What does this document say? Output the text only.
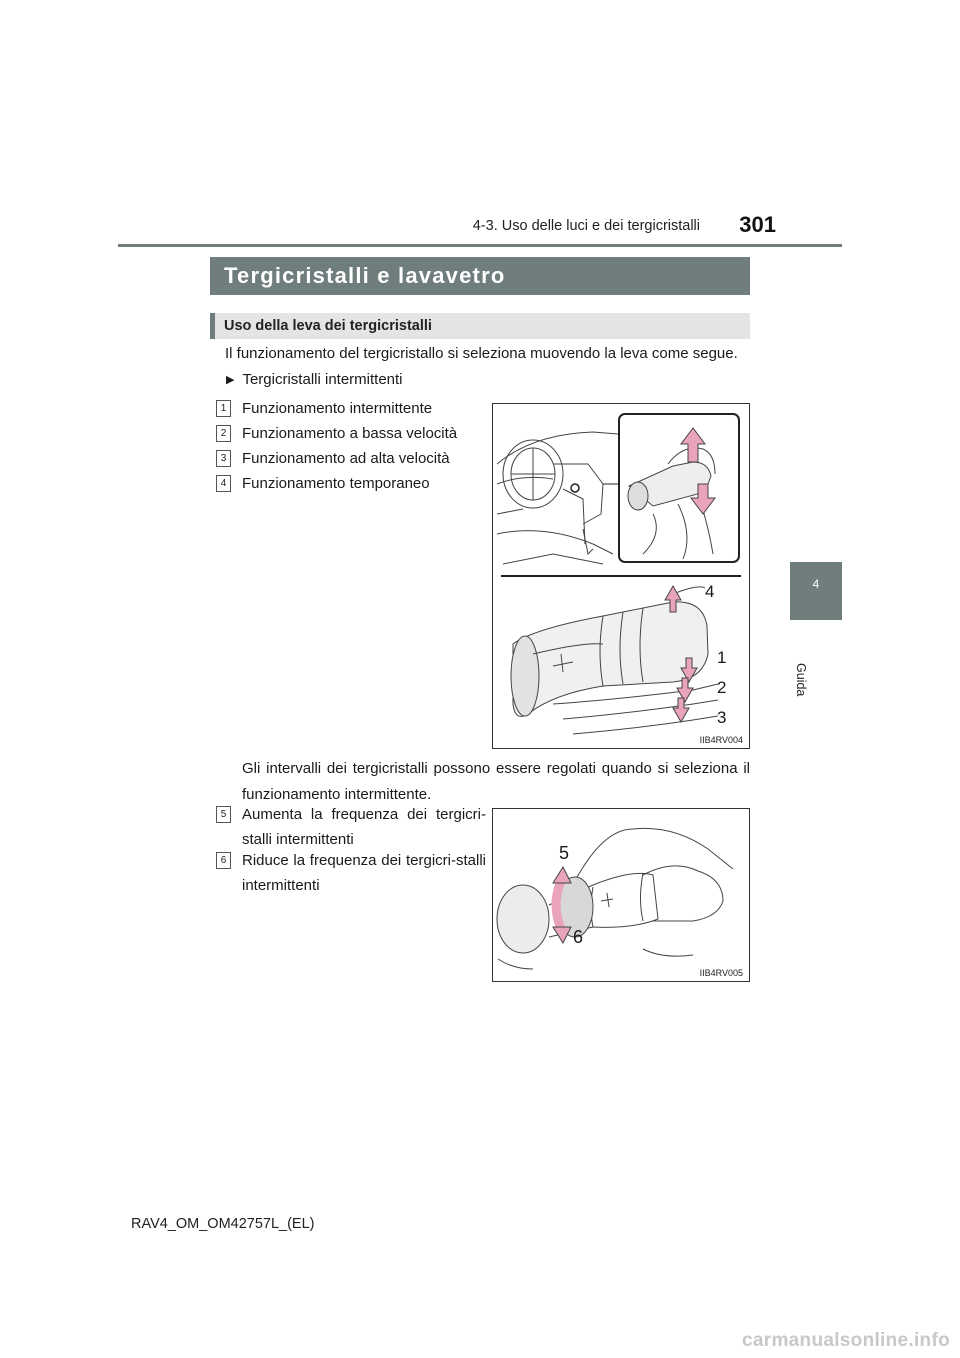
4-3. Uso delle luci e dei tergicristalli	301
4
Guida
Tergicristalli e lavavetro
Uso della leva dei tergicristalli
Il funzionamento del tergicristallo si seleziona muovendo la leva come segue.
▶ Tergicristalli intermittenti
1	Funzionamento intermittente
2	Funzionamento a bassa velocità
3	Funzionamento ad alta velocità
4	Funzionamento temporaneo
4
1
2
3
IIB4RV004
Gli intervalli dei tergicristalli possono essere regolati quando si seleziona il funzionamento intermittente.
5	Aumenta la frequenza dei tergicri-stalli intermittenti
6	Riduce la frequenza dei tergicri-stalli intermittenti
5
6
IIB4RV005
RAV4_OM_OM42757L_(EL)
carmanualsonline.info
